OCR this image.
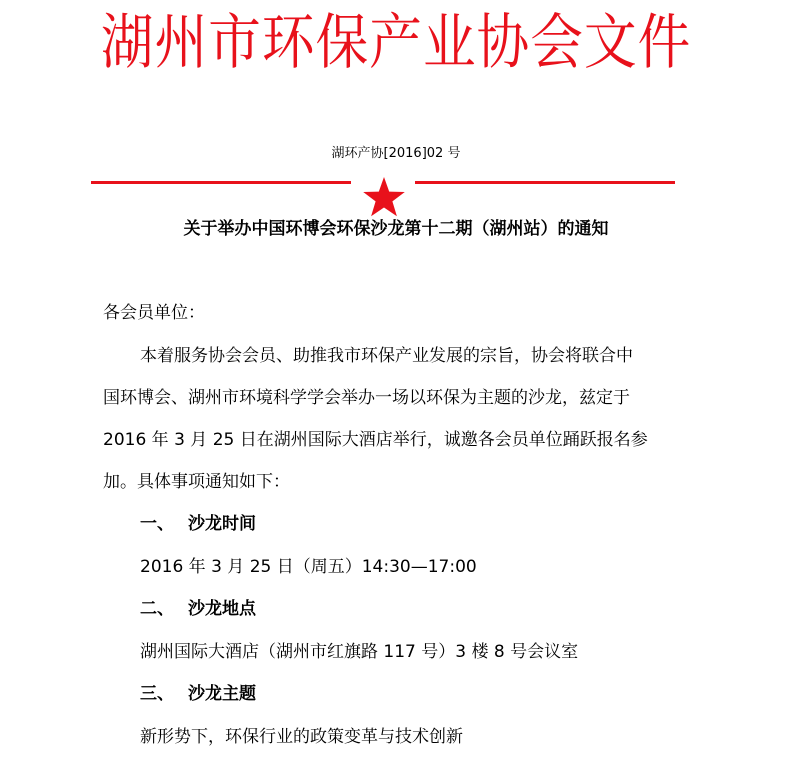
湖州市环保产业协会文件
湖环产协[2016]02 号
关于举办中国环博会环保沙龙第十二期（湖州站）的通知
各会员单位：
本着服务协会会员、助推我市环保产业发展的宗旨，协会将联合中
国环博会、湖州市环境科学学会举办一场以环保为主题的沙龙，兹定于
2016 年 3 月 25 日在湖州国际大酒店举行，诚邀各会员单位踊跃报名参
加。具体事项通知如下：
一、 沙龙时间
2016 年 3 月 25 日（周五）14:30—17:00
二、 沙龙地点
湖州国际大酒店（湖州市红旗路 117 号）3 楼 8 号会议室
三、 沙龙主题
新形势下，环保行业的政策变革与技术创新
